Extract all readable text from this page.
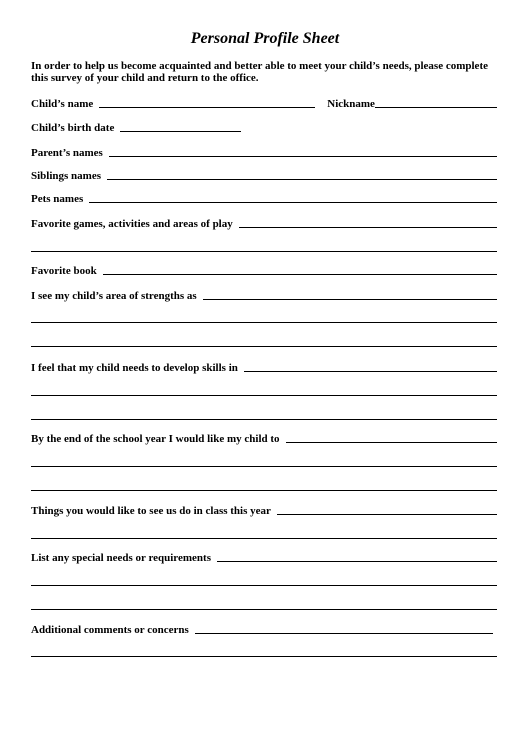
Personal Profile Sheet
In order to help us become acquainted and better able to meet your child’s needs, please complete this survey of your child and return to the office.
Child’s name	Nickname
Child’s birth date
Parent’s names
Siblings names
Pets names
Favorite games, activities and areas of play
Favorite book
I see my child’s area of strengths as
I feel that my child needs to develop skills in
By the end of the school year I would like my child to
Things you would like to see us do in class this year
List any special needs or requirements
Additional comments or concerns
